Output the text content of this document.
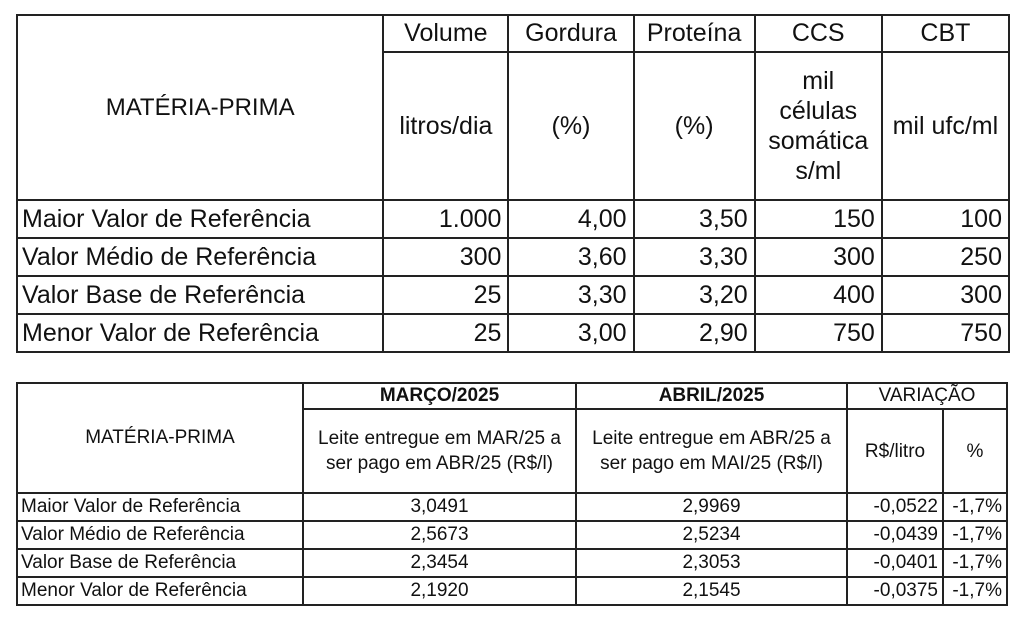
MATÉRIA-PRIMA	Volume	Gordura	Proteína	CCS	CBT
	litros/dia	(%)	(%)	mil células somática s/ml	mil ufc/ml
Maior Valor de Referência	1.000	4,00	3,50	150	100
Valor Médio de Referência	300	3,60	3,30	300	250
Valor Base de Referência	25	3,30	3,20	400	300
Menor Valor de Referência	25	3,00	2,90	750	750
MATÉRIA-PRIMA	MARÇO/2025	ABRIL/2025	VARIAÇÃO	
	Leite entregue em MAR/25 a ser pago em ABR/25 (R$/l)	Leite entregue em ABR/25 a ser pago em MAI/25 (R$/l)	R$/litro	%
Maior Valor de Referência	3,0491	2,9969	-0,0522	-1,7%
Valor Médio de Referência	2,5673	2,5234	-0,0439	-1,7%
Valor Base de Referência	2,3454	2,3053	-0,0401	-1,7%
Menor Valor de Referência	2,1920	2,1545	-0,0375	-1,7%
